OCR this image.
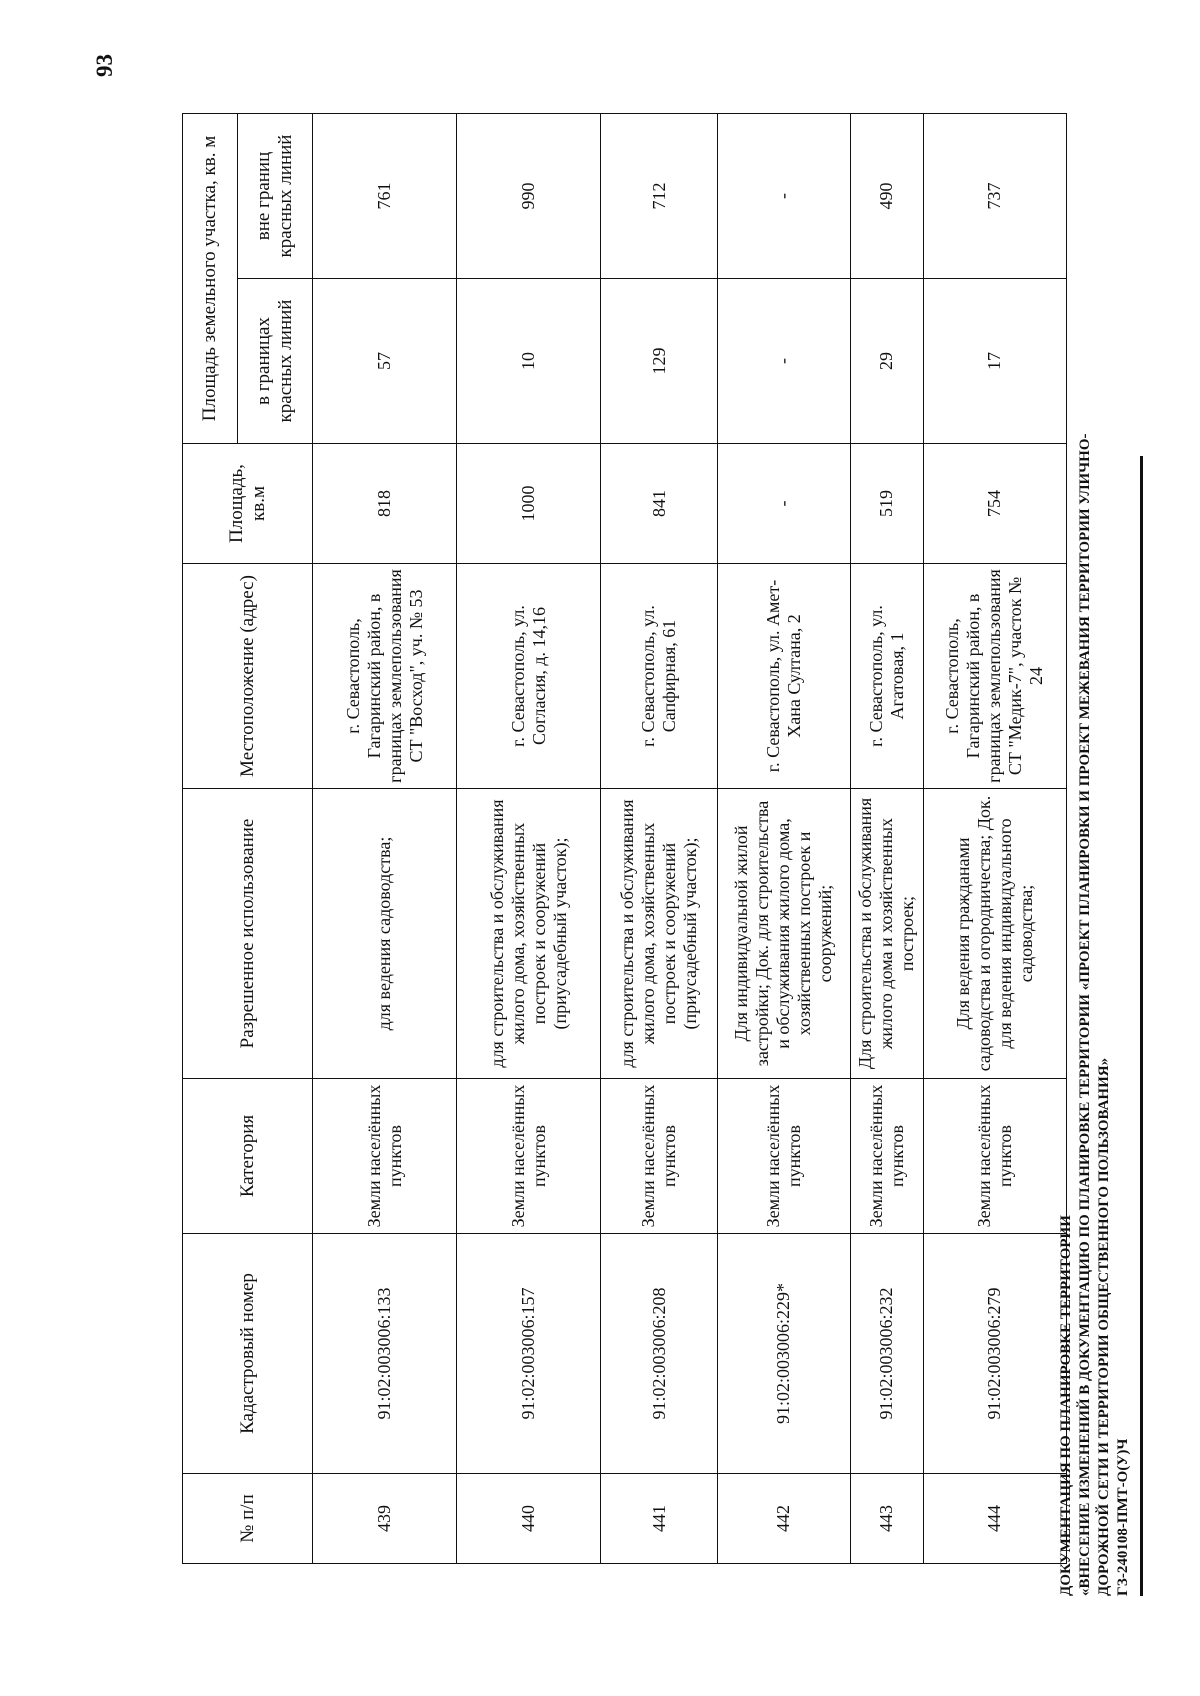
93
№ п/п	Кадастровый номер	Категория	Разрешенное использование	Местоположение (адрес)	Площадь, кв.м	Площадь земельного участка, кв. м	
						в границах красных линий	вне границ красных линий
439	91:02:003006:133	Земли населённых пунктов	для ведения садоводства;	г. Севастополь, Гагаринский район, в границах землепользования СТ "Восход", уч. № 53	818	57	761
440	91:02:003006:157	Земли населённых пунктов	для строительства и обслуживания жилого дома, хозяйственных построек и сооружений (приусадебный участок);	г. Севастополь, ул. Согласия, д. 14,16	1000	10	990
441	91:02:003006:208	Земли населённых пунктов	для строительства и обслуживания жилого дома, хозяйственных построек и сооружений (приусадебный участок);	г. Севастополь, ул. Сапфирная, 61	841	129	712
442	91:02:003006:229*	Земли населённых пунктов	Для индивидуальной жилой застройки; Док. для строительства и обслуживания жилого дома, хозяйственных построек и сооружений;	г. Севастополь, ул. Амет-Хана Султана, 2	-	-	-
443	91:02:003006:232	Земли населённых пунктов	Для строительства и обслуживания жилого дома и хозяйственных построек;	г. Севастополь, ул. Агатовая, 1	519	29	490
444	91:02:003006:279	Земли населённых пунктов	Для ведения гражданами садоводства и огородничества; Док. для ведения индивидуального садоводства;	г. Севастополь, Гагаринский район, в границах землепользования СТ "Медик-7", участок № 24	754	17	737
ДОКУМЕНТАЦИЯ ПО ПЛАНИРОВКЕ ТЕРРИТОРИИ «ВНЕСЕНИЕ ИЗМЕНЕНИЙ В ДОКУМЕНТАЦИЮ ПО ПЛАНИРОВКЕ ТЕРРИТОРИИ «ПРОЕКТ ПЛАНИРОВКИ И ПРОЕКТ МЕЖЕВАНИЯ ТЕРРИТОРИИ УЛИЧНО- ДОРОЖНОЙ СЕТИ И ТЕРРИТОРИИ ОБЩЕСТВЕННОГО ПОЛЬЗОВАНИЯ» ГЗ-240108-ПМТ-О(У)Ч
